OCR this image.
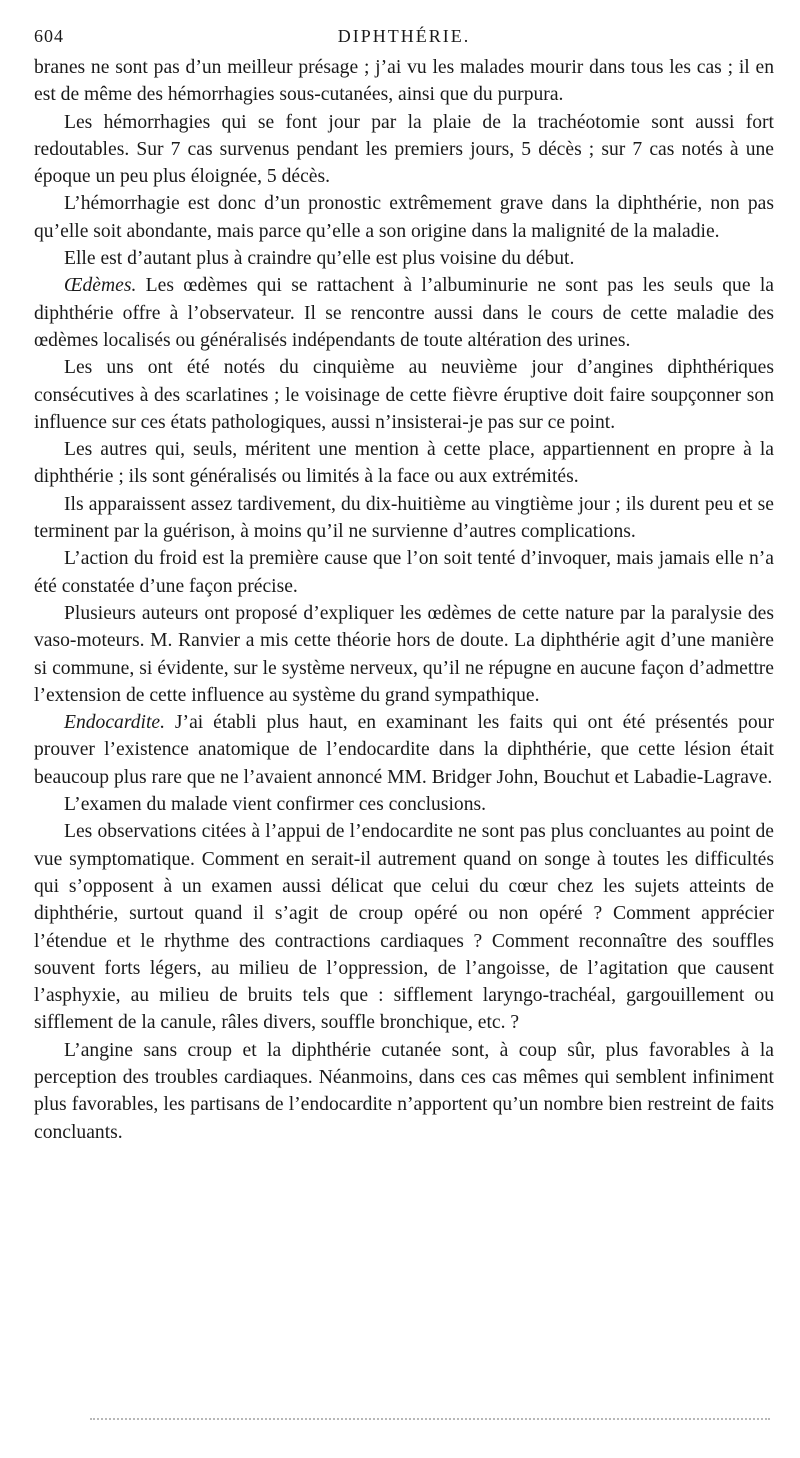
604	DIPHTHÉRIE.

branes ne sont pas d’un meilleur présage ; j’ai vu les malades mourir dans tous les cas ; il en est de même des hémorrhagies sous-cutanées, ainsi que du purpura.

Les hémorrhagies qui se font jour par la plaie de la trachéotomie sont aussi fort redoutables. Sur 7 cas survenus pendant les premiers jours, 5 décès ; sur 7 cas notés à une époque un peu plus éloignée, 5 décès.

L’hémorrhagie est donc d’un pronostic extrêmement grave dans la diphthérie, non pas qu’elle soit abondante, mais parce qu’elle a son origine dans la malignité de la maladie.

Elle est d’autant plus à craindre qu’elle est plus voisine du début.

Œdèmes. Les œdèmes qui se rattachent à l’albuminurie ne sont pas les seuls que la diphthérie offre à l’observateur. Il se rencontre aussi dans le cours de cette maladie des œdèmes localisés ou généralisés indépendants de toute altération des urines.

Les uns ont été notés du cinquième au neuvième jour d’angines diphthériques consécutives à des scarlatines ; le voisinage de cette fièvre éruptive doit faire soupçonner son influence sur ces états pathologiques, aussi n’insisterai-je pas sur ce point.

Les autres qui, seuls, méritent une mention à cette place, appartiennent en propre à la diphthérie ; ils sont généralisés ou limités à la face ou aux extrémités.

Ils apparaissent assez tardivement, du dix-huitième au vingtième jour ; ils durent peu et se terminent par la guérison, à moins qu’il ne survienne d’autres complications.

L’action du froid est la première cause que l’on soit tenté d’invoquer, mais jamais elle n’a été constatée d’une façon précise.

Plusieurs auteurs ont proposé d’expliquer les œdèmes de cette nature par la paralysie des vaso-moteurs. M. Ranvier a mis cette théorie hors de doute. La diphthérie agit d’une manière si commune, si évidente, sur le système nerveux, qu’il ne répugne en aucune façon d’admettre l’extension de cette influence au système du grand sympathique.

Endocardite. J’ai établi plus haut, en examinant les faits qui ont été présentés pour prouver l’existence anatomique de l’endocardite dans la diphthérie, que cette lésion était beaucoup plus rare que ne l’avaient annoncé MM. Bridger John, Bouchut et Labadie-Lagrave.

L’examen du malade vient confirmer ces conclusions.

Les observations citées à l’appui de l’endocardite ne sont pas plus concluantes au point de vue symptomatique. Comment en serait-il autrement quand on songe à toutes les difficultés qui s’opposent à un examen aussi délicat que celui du cœur chez les sujets atteints de diphthérie, surtout quand il s’agit de croup opéré ou non opéré ? Comment apprécier l’étendue et le rhythme des contractions cardiaques ? Comment reconnaître des souffles souvent forts légers, au milieu de l’oppression, de l’angoisse, de l’agitation que causent l’asphyxie, au milieu de bruits tels que : sifflement laryngo-trachéal, gargouillement ou sifflement de la canule, râles divers, souffle bronchique, etc. ?

L’angine sans croup et la diphthérie cutanée sont, à coup sûr, plus favorables à la perception des troubles cardiaques. Néanmoins, dans ces cas mêmes qui semblent infiniment plus favorables, les partisans de l’endocardite n’apportent qu’un nombre bien restreint de faits concluants.
